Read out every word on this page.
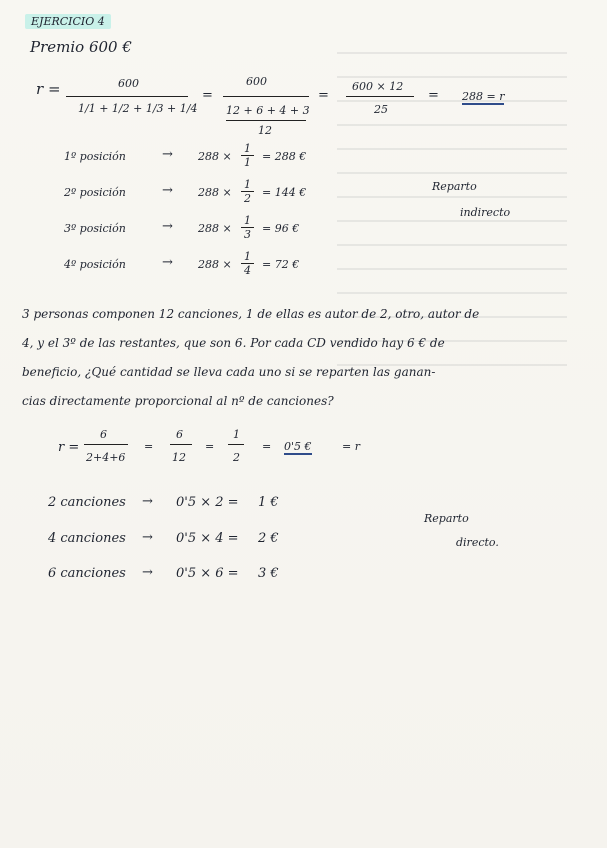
EJERCICIO 4
Premio 600 €
r =	600
1/1 + 1/2 + 1/3 + 1/4
=
600
12 + 6 + 4 + 3
12
=
600 × 12
25
= 288 = r
1º posición	→ $288 \times \frac{1}{1} = 288$ €
2º posición	→ $288 \times \frac{1}{2} = 144$ €
3º posición	→ $288 \times \frac{1}{3} = 96$ €
4º posición	→ $288 \times \frac{1}{4} = 72$ €
Reparto
indirecto
3 personas componen 12 canciones, 1 de ellas es autor de 2, otro, autor de
4, y el 3º de las restantes, que son 6. Por cada CD vendido hay 6 € de
beneficio, ¿Qué cantidad se lleva cada uno si se reparten las ganan-
cias directamente proporcional al nº de canciones?
r =
6
2+4+6
=
6
12
=
1
2
= 0'5 €	= r
2 canciones → 0'5 × 2 = 1 €
4 canciones → 0'5 × 4 = 2 €
6 canciones → 0'5 × 6 = 3 €
Reparto
directo.
